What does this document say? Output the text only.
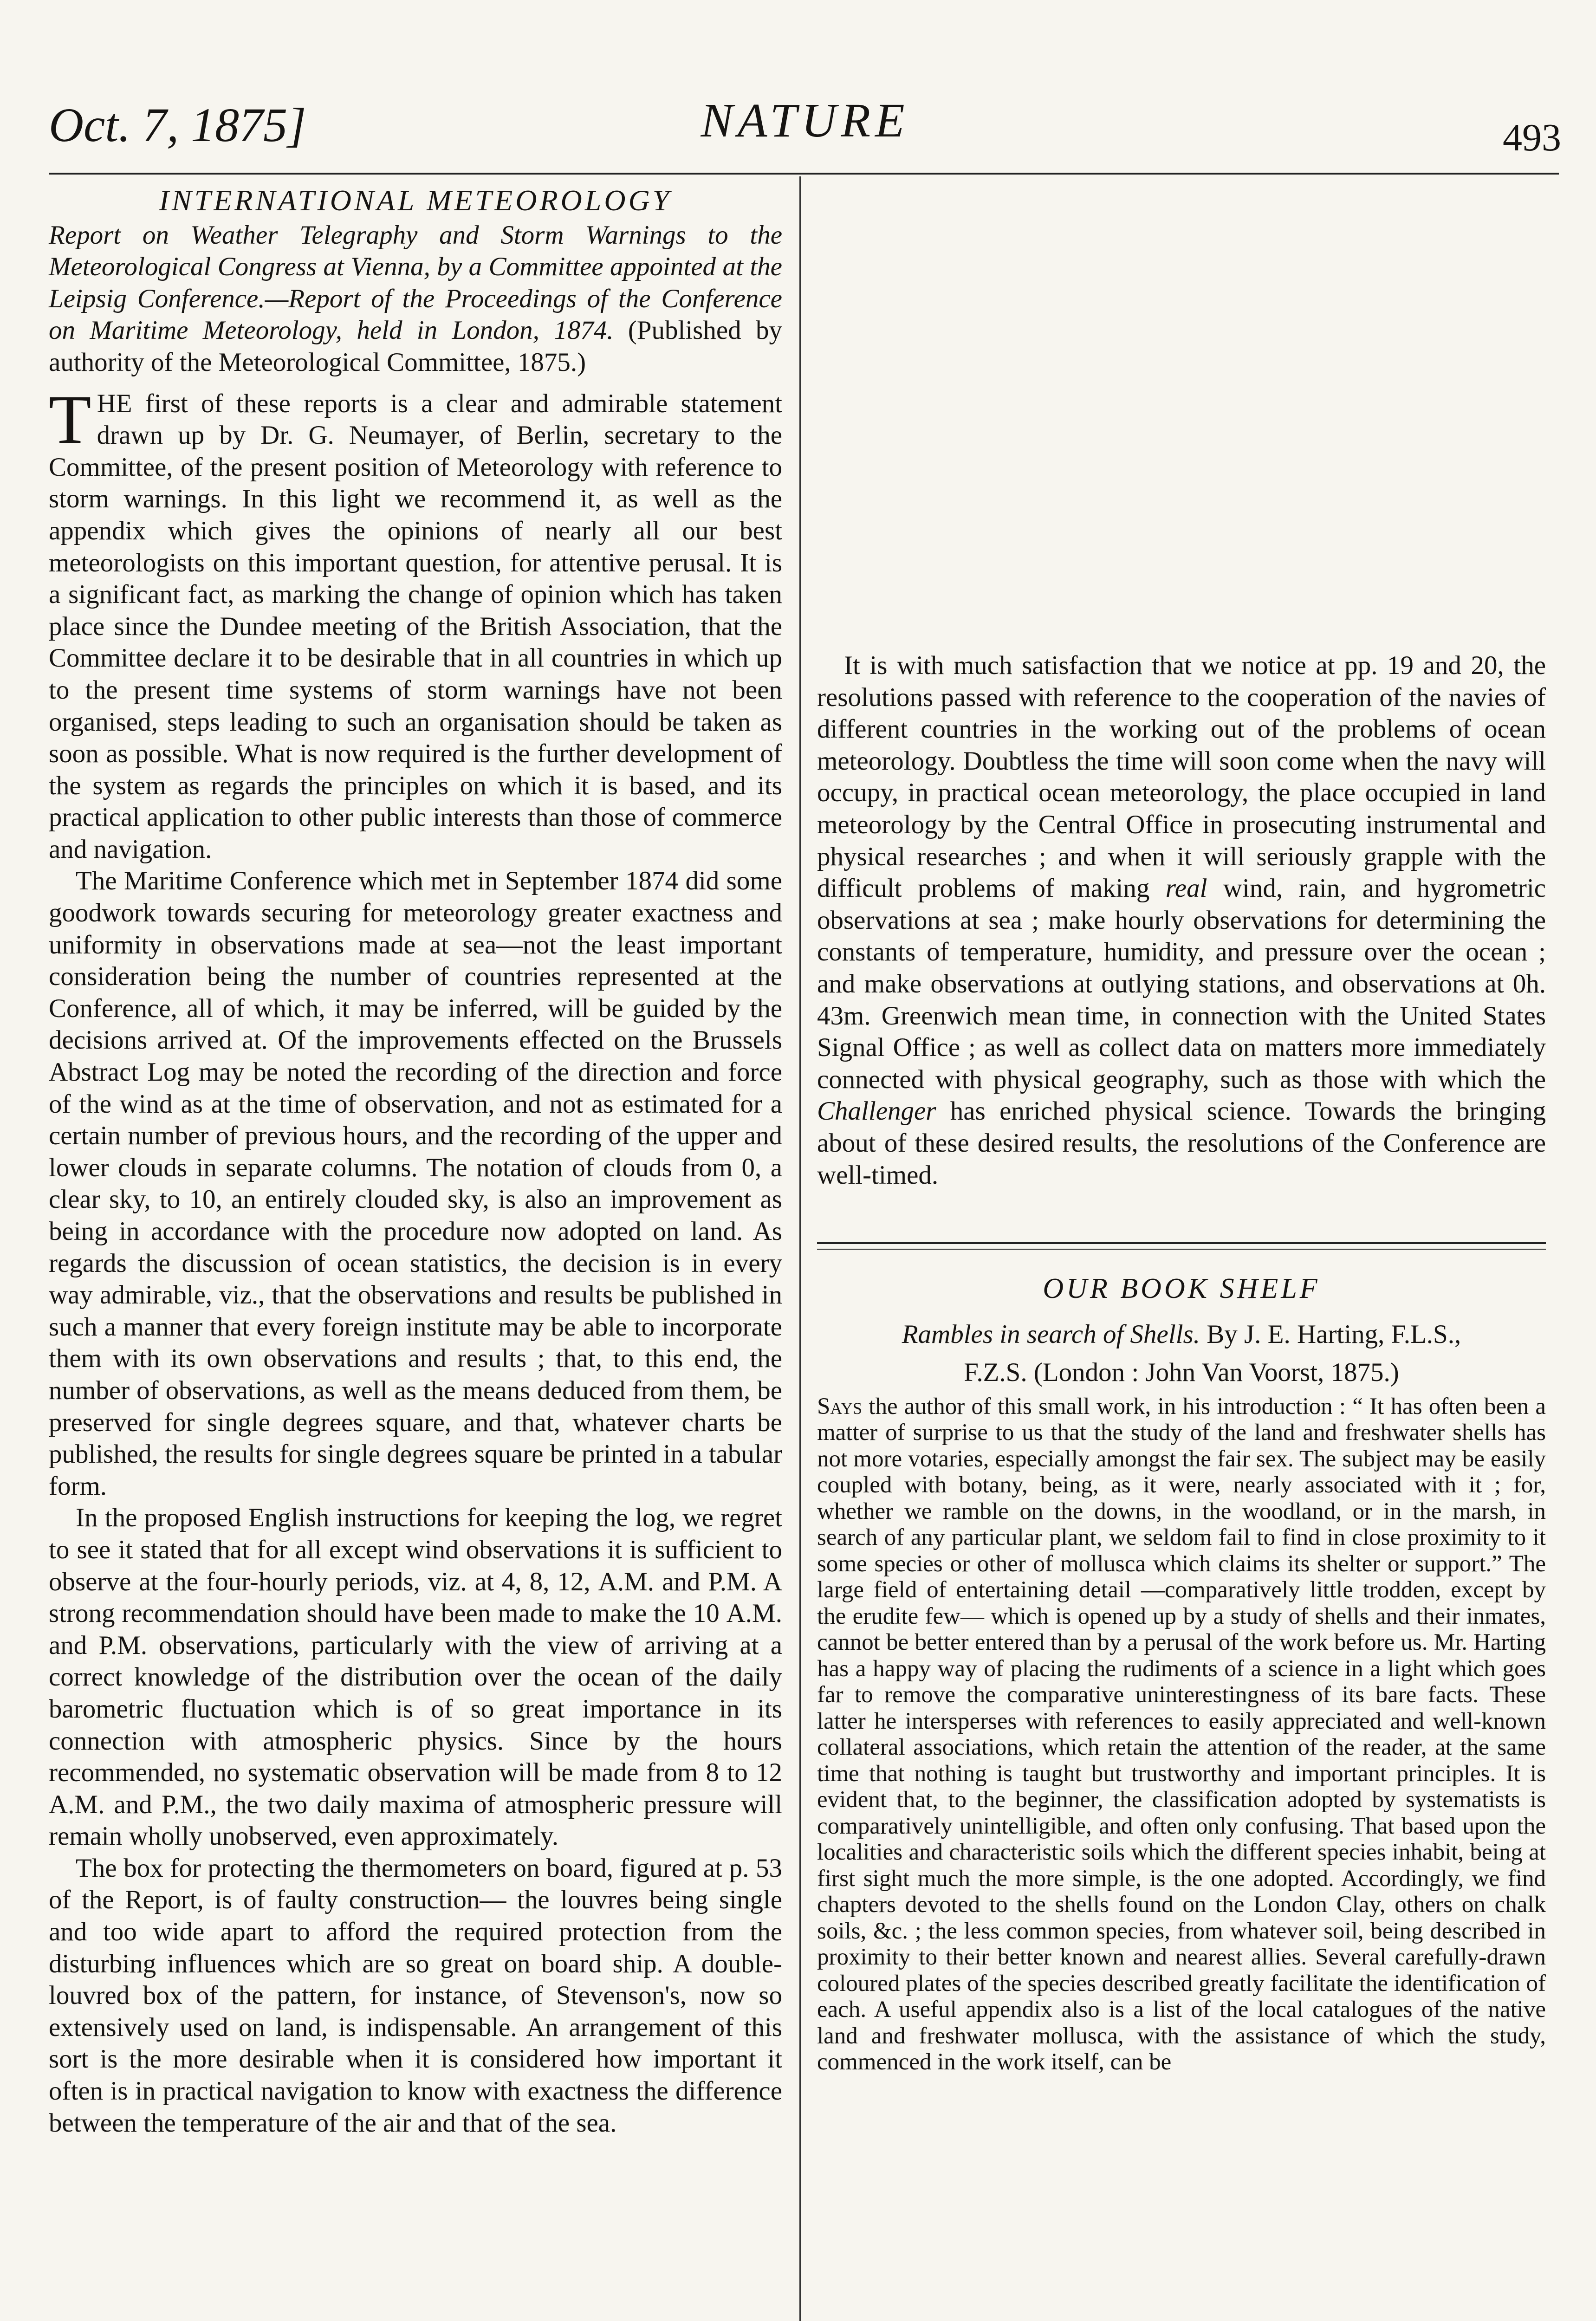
Oct. 7, 1875]	NATURE	493
INTERNATIONAL METEOROLOGY
Report on Weather Telegraphy and Storm Warnings to the Meteorological Congress at Vienna, by a Committee appointed at the Leipsig Conference.—Report of the Proceedings of the Conference on Maritime Meteorology, held in London, 1874. (Published by authority of the Meteorological Committee, 1875.)

THE first of these reports is a clear and admirable statement drawn up by Dr. G. Neumayer, of Berlin, secretary to the Committee, of the present position of Meteorology with reference to storm warnings. In this light we recommend it, as well as the appendix which gives the opinions of nearly all our best meteorologists on this important question, for attentive perusal. It is a significant fact, as marking the change of opinion which has taken place since the Dundee meeting of the British Association, that the Committee declare it to be desirable that in all countries in which up to the present time systems of storm warnings have not been organised, steps leading to such an organisation should be taken as soon as possible. What is now required is the further development of the system as regards the principles on which it is based, and its practical application to other public interests than those of commerce and navigation.

The Maritime Conference which met in September 1874 did some goodwork towards securing for meteorology greater exactness and uniformity in observations made at sea—not the least important consideration being the number of countries represented at the Conference, all of which, it may be inferred, will be guided by the decisions arrived at. Of the improvements effected on the Brussels Abstract Log may be noted the recording of the direction and force of the wind as at the time of observation, and not as estimated for a certain number of previous hours, and the recording of the upper and lower clouds in separate columns. The notation of clouds from 0, a clear sky, to 10, an entirely clouded sky, is also an improvement as being in accordance with the procedure now adopted on land. As regards the discussion of ocean statistics, the decision is in every way admirable, viz., that the observations and results be published in such a manner that every foreign institute may be able to incorporate them with its own observations and results ; that, to this end, the number of observations, as well as the means deduced from them, be preserved for single degrees square, and that, whatever charts be published, the results for single degrees square be printed in a tabular form.

In the proposed English instructions for keeping the log, we regret to see it stated that for all except wind observations it is sufficient to observe at the four-hourly periods, viz. at 4, 8, 12, A.M. and P.M. A strong recommendation should have been made to make the 10 A.M. and P.M. observations, particularly with the view of arriving at a correct knowledge of the distribution over the ocean of the daily barometric fluctuation which is of so great importance in its connection with atmospheric physics. Since by the hours recommended, no systematic observation will be made from 8 to 12 A.M. and P.M., the two daily maxima of atmospheric pressure will remain wholly unobserved, even approximately.

The box for protecting the thermometers on board, figured at p. 53 of the Report, is of faulty construction— the louvres being single and too wide apart to afford the required protection from the disturbing influences which are so great on board ship. A double-louvred box of the pattern, for instance, of Stevenson's, now so extensively used on land, is indispensable. An arrangement of this sort is the more desirable when it is considered how important it often is in practical navigation to know with exactness the difference between the temperature of the air and that of the sea.

It is with much satisfaction that we notice at pp. 19 and 20, the resolutions passed with reference to the cooperation of the navies of different countries in the working out of the problems of ocean meteorology. Doubtless the time will soon come when the navy will occupy, in practical ocean meteorology, the place occupied in land meteorology by the Central Office in prosecuting instrumental and physical researches ; and when it will seriously grapple with the difficult problems of making real wind, rain, and hygrometric observations at sea ; make hourly observations for determining the constants of temperature, humidity, and pressure over the ocean ; and make observations at outlying stations, and observations at 0h. 43m. Greenwich mean time, in connection with the United States Signal Office ; as well as collect data on matters more immediately connected with physical geography, such as those with which the Challenger has enriched physical science. Towards the bringing about of these desired results, the resolutions of the Conference are well-timed.

OUR BOOK SHELF
Rambles in search of Shells. By J. E. Harting, F.L.S.,
F.Z.S. (London : John Van Voorst, 1875.)

Says the author of this small work, in his introduction : “ It has often been a matter of surprise to us that the study of the land and freshwater shells has not more votaries, especially amongst the fair sex. The subject may be easily coupled with botany, being, as it were, nearly associated with it ; for, whether we ramble on the downs, in the woodland, or in the marsh, in search of any particular plant, we seldom fail to find in close proximity to it some species or other of mollusca which claims its shelter or support.” The large field of entertaining detail —comparatively little trodden, except by the erudite few— which is opened up by a study of shells and their inmates, cannot be better entered than by a perusal of the work before us. Mr. Harting has a happy way of placing the rudiments of a science in a light which goes far to remove the comparative uninterestingness of its bare facts. These latter he intersperses with references to easily appreciated and well-known collateral associations, which retain the attention of the reader, at the same time that nothing is taught but trustworthy and important principles. It is evident that, to the beginner, the classification adopted by systematists is comparatively unintelligible, and often only confusing. That based upon the localities and characteristic soils which the different species inhabit, being at first sight much the more simple, is the one adopted. Accordingly, we find chapters devoted to the shells found on the London Clay, others on chalk soils, &c. ; the less common species, from whatever soil, being described in proximity to their better known and nearest allies. Several carefully-drawn coloured plates of the species described greatly facilitate the identification of each. A useful appendix also is a list of the local catalogues of the native land and freshwater mollusca, with the assistance of which the study, commenced in the work itself, can be
